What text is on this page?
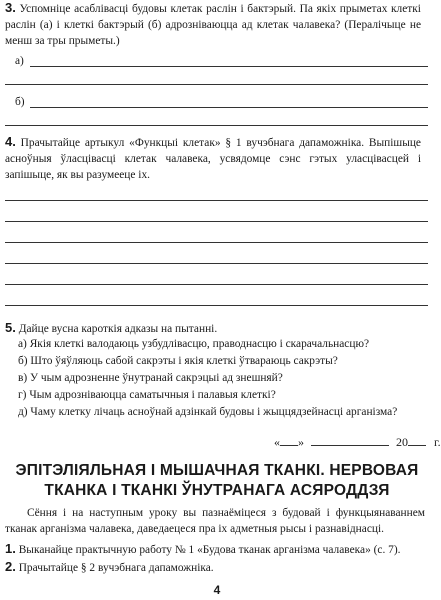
3. Успомніце асаблівасці будовы клетак раслін і бактэрый. Па якіх прыметах клеткі раслін (а) і клеткі бактэрый (б) адрозніваюцца ад клетак чалавека? (Пералічыце не менш за тры прыметы.)
а)
б)
4. Прачытайце артыкул «Функцыі клетак» § 1 вучэбнага дапаможніка. Выпішыце асноўныя ўласцівасці клетак чалавека, усвядомце сэнс гэтых уласцівасцей і запішыце, як вы разумееце іх.
5. Дайце вусна кароткія адказы на пытанні.
а) Якія клеткі валодаюць узбудлівасцю, праводнасцю і скарачальнасцю?
б) Што ўяўляюць сабой сакрэты і якія клеткі ўтвараюць сакрэты?
в) У чым адрозненне ўнутранай сакрэцыі ад знешняй?
г) Чым адрозніваюцца саматычныя і палавыя клеткі?
д) Чаму клетку лічаць асноўнай адзінкай будовы і жыццядзейнасці арганізма?
« »	20 г.
ЭПІТЭЛІЯЛЬНАЯ І МЫШАЧНАЯ ТКАНКІ. НЕРВОВАЯ ТКАНКА І ТКАНКІ ЎНУТРАНАГА АСЯРОДДЗЯ
Сёння і на наступным уроку вы пазнаёміцеся з будовай і функцыянаваннем тканак арганізма чалавека, даведаецеся пра іх адметныя рысы і разнавіднасці.
1. Выканайце практычную работу № 1 «Будова тканак арганізма чалавека» (с. 7).
2. Прачытайце § 2 вучэбнага дапаможніка.
4
